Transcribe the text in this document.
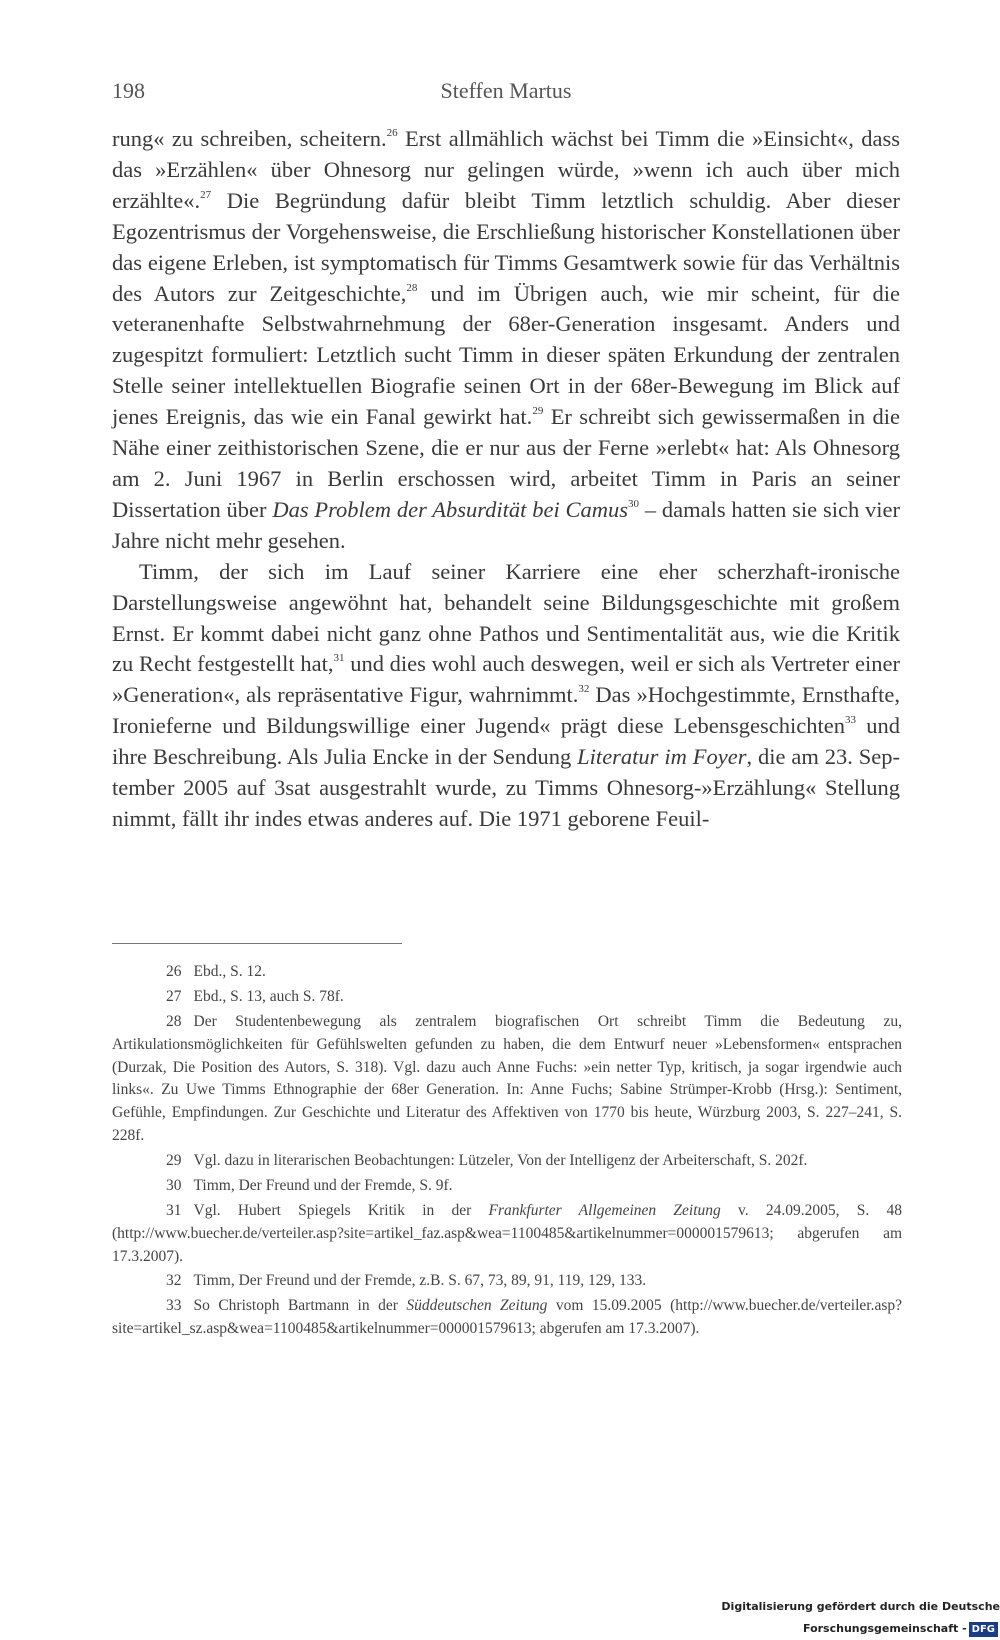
198	Steffen Martus

rung« zu schreiben, scheitern.$^{26}$ Erst allmählich wächst bei Timm die »Einsicht«, dass das »Erzählen« über Ohnesorg nur gelingen würde, »wenn ich auch über mich erzählte«.$^{27}$ Die Begründung dafür bleibt Timm letztlich schuldig. Aber dieser Egozentrismus der Vorgehensweise, die Erschließung historischer Konstellationen über das eigene Erleben, ist symptomatisch für Timms Gesamtwerk sowie für das Verhältnis des Autors zur Zeitgeschichte,$^{28}$ und im Übrigen auch, wie mir scheint, für die veteranenhafte Selbstwahrnehmung der 68er-Generation insgesamt. Anders und zugespitzt formuliert: Letztlich sucht Timm in dieser späten Erkundung der zentralen Stelle seiner intellektuellen Biografie seinen Ort in der 68er-Bewegung im Blick auf jenes Ereignis, das wie ein Fanal gewirkt hat.$^{29}$ Er schreibt sich gewissermaßen in die Nähe einer zeithistorischen Szene, die er nur aus der Ferne »erlebt« hat: Als Ohnesorg am 2. Juni 1967 in Berlin erschossen wird, arbeitet Timm in Paris an seiner Dissertation über Das Problem der Absurdität bei Camus$^{30}$ – damals hatten sie sich vier Jahre nicht mehr gesehen.

Timm, der sich im Lauf seiner Karriere eine eher scherzhaft-ironische Darstellungsweise angewöhnt hat, behandelt seine Bildungsgeschichte mit großem Ernst. Er kommt dabei nicht ganz ohne Pathos und Sentimentalität aus, wie die Kritik zu Recht festgestellt hat,$^{31}$ und dies wohl auch deswegen, weil er sich als Vertreter einer »Generation«, als repräsentative Figur, wahrnimmt.$^{32}$ Das »Hochgestimmte, Ernsthafte, Ironieferne und Bildungswillige einer Jugend« prägt diese Lebensgeschichten$^{33}$ und ihre Beschreibung. Als Julia Encke in der Sendung Literatur im Foyer, die am 23. September 2005 auf 3sat ausgestrahlt wurde, zu Timms Ohnesorg-»Erzählung« Stellung nimmt, fällt ihr indes etwas anderes auf. Die 1971 geborene Feuil-

26 Ebd., S. 12.

27 Ebd., S. 13, auch S. 78f.

28 Der Studentenbewegung als zentralem biografischen Ort schreibt Timm die Bedeutung zu, Artikulationsmöglichkeiten für Gefühlswelten gefunden zu haben, die dem Entwurf neuer »Lebensformen« entsprachen (Durzak, Die Position des Autors, S. 318). Vgl. dazu auch Anne Fuchs: »ein netter Typ, kritisch, ja sogar irgendwie auch links«. Zu Uwe Timms Ethnographie der 68er Generation. In: Anne Fuchs; Sabine Strümper-Krobb (Hrsg.): Sentiment, Gefühle, Empfindungen. Zur Geschichte und Literatur des Affektiven von 1770 bis heute, Würzburg 2003, S. 227–241, S. 228f.

29 Vgl. dazu in literarischen Beobachtungen: Lützeler, Von der Intelligenz der Arbeiterschaft, S. 202f.

30 Timm, Der Freund und der Fremde, S. 9f.

31 Vgl. Hubert Spiegels Kritik in der Frankfurter Allgemeinen Zeitung v. 24.09.2005, S. 48 (http://www.buecher.de/verteiler.asp?site=artikel_faz.asp&wea=1100485&artikelnummer=000001579613; abgerufen am 17.3.2007).

32 Timm, Der Freund und der Fremde, z.B. S. 67, 73, 89, 91, 119, 129, 133.

33 So Christoph Bartmann in der Süddeutschen Zeitung vom 15.09.2005 (http://www.buecher.de/verteiler.asp?site=artikel_sz.asp&wea=1100485&artikelnummer=000001579613; abgerufen am 17.3.2007).

Digitalisierung gefördert durch die Deutsche Forschungsgemeinschaft - DFG
